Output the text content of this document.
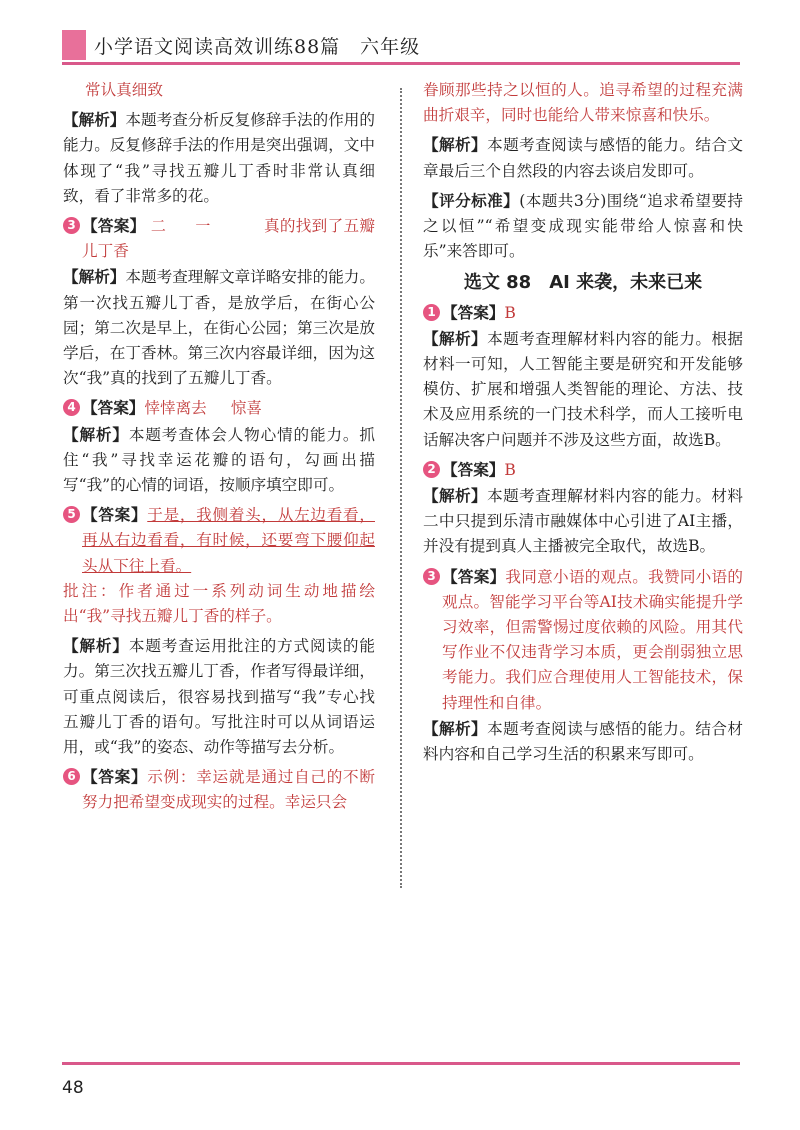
小学语文阅读高效训练88篇　六年级

常认真细致

【解析】本题考查分析反复修辞手法的作用的能力。反复修辞手法的作用是突出强调，文中体现了“我”寻找五瓣儿丁香时非常认真细致，看了非常多的花。

3 【答案】 二 一	真的找到了五瓣儿丁香

【解析】本题考查理解文章详略安排的能力。第一次找五瓣儿丁香，是放学后，在街心公园；第二次是早上，在街心公园；第三次是放学后，在丁香林。第三次内容最详细，因为这次“我”真的找到了五瓣儿丁香。

4 【答案】悻悻离去 惊喜

【解析】本题考查体会人物心情的能力。抓住“我”寻找幸运花瓣的语句，勾画出描写“我”的心情的词语，按顺序填空即可。

5 【答案】于是，我侧着头，从左边看看，再从右边看看，有时候，还要弯下腰仰起头从下往上看。

批注：作者通过一系列动词生动地描绘出“我”寻找五瓣儿丁香的样子。

【解析】本题考查运用批注的方式阅读的能力。第三次找五瓣儿丁香，作者写得最详细，可重点阅读后，很容易找到描写“我”专心找五瓣儿丁香的语句。写批注时可以从词语运用，或“我”的姿态、动作等描写去分析。

6 【答案】示例：幸运就是通过自己的不断努力把希望变成现实的过程。幸运只会

眷顾那些持之以恒的人。追寻希望的过程充满曲折艰辛，同时也能给人带来惊喜和快乐。

【解析】本题考查阅读与感悟的能力。结合文章最后三个自然段的内容去谈启发即可。

【评分标准】(本题共3分)围绕“追求希望要持之以恒”“希望变成现实能带给人惊喜和快乐”来答即可。

选文 88　AI 来袭，未来已来
1 【答案】B

【解析】本题考查理解材料内容的能力。根据材料一可知，人工智能主要是研究和开发能够模仿、扩展和增强人类智能的理论、方法、技术及应用系统的一门技术科学，而人工接听电话解决客户问题并不涉及这些方面，故选B。

2 【答案】B

【解析】本题考查理解材料内容的能力。材料二中只提到乐清市融媒体中心引进了AI主播，并没有提到真人主播被完全取代，故选B。

3 【答案】我同意小语的观点。我赞同小语的观点。智能学习平台等AI技术确实能提升学习效率，但需警惕过度依赖的风险。用其代写作业不仅违背学习本质，更会削弱独立思考能力。我们应合理使用人工智能技术，保持理性和自律。

【解析】本题考查阅读与感悟的能力。结合材料内容和自己学习生活的积累来写即可。

48
